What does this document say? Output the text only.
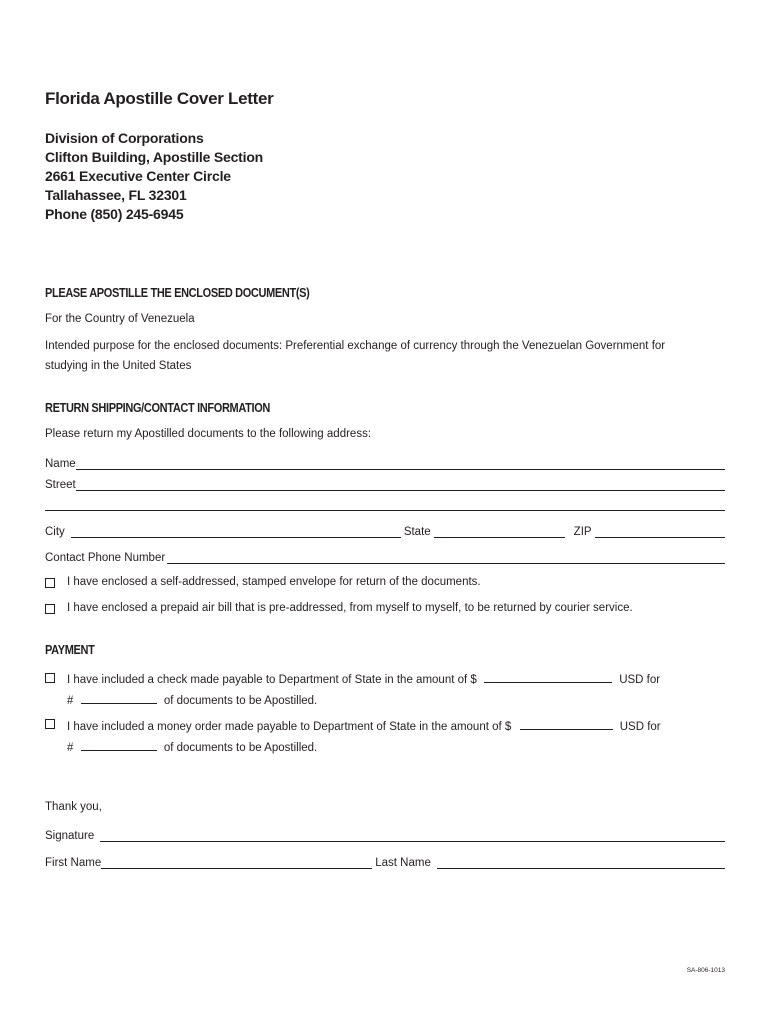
Florida Apostille Cover Letter
Division of Corporations
Clifton Building, Apostille Section
2661 Executive Center Circle
Tallahassee, FL 32301
Phone (850) 245-6945
PLEASE APOSTILLE THE ENCLOSED DOCUMENT(S)
For the Country of Venezuela
Intended purpose for the enclosed documents: Preferential exchange of currency through the Venezuelan Government for
studying in the United States
RETURN SHIPPING/CONTACT INFORMATION
Please return my Apostilled documents to the following address:
Name
Street
City	State	ZIP
Contact Phone Number
I have enclosed a self-addressed, stamped envelope for return of the documents.
I have enclosed a prepaid air bill that is pre-addressed, from myself to myself, to be returned by courier service.
PAYMENT
I have included a check made payable to Department of State in the amount of $	USD for
#	of documents to be Apostilled.
I have included a money order made payable to Department of State in the amount of $	USD for
#	of documents to be Apostilled.
Thank you,
Signature
First Name	Last Name
SA-806-1013
